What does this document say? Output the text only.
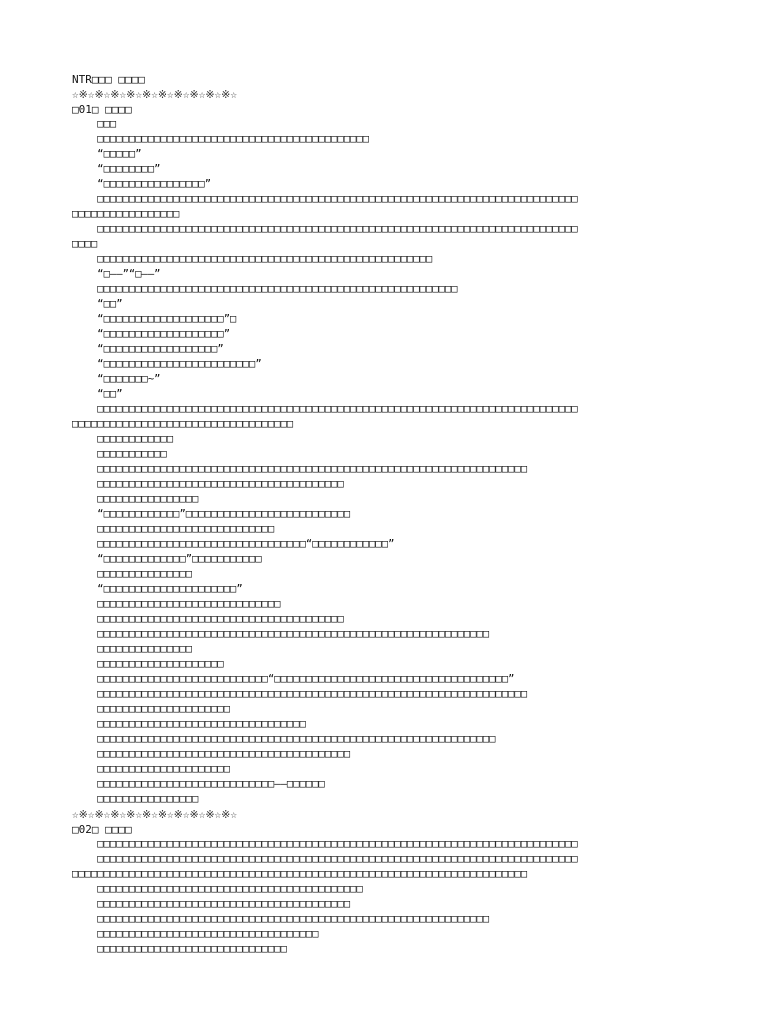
NTR□□□ □□□□
☆※☆※☆※☆※☆※☆※☆※☆※☆※☆※☆
□01□ □□□□
□□□
□□□□□□□□□□□□□□□□□□□□□□□□□□□□□□□□□□□□□□□□□□□
“□□□□□”
“□□□□□□□□”
“□□□□□□□□□□□□□□□□”
□□□□□□□□□□□□□□□□□□□□□□□□□□□□□□□□□□□□□□□□□□□□□□□□□□□□□□□□□□□□□□□□□□□□□□□□□□□□
□□□□□□□□□□□□□□□□□
□□□□□□□□□□□□□□□□□□□□□□□□□□□□□□□□□□□□□□□□□□□□□□□□□□□□□□□□□□□□□□□□□□□□□□□□□□□□
□□□□
□□□□□□□□□□□□□□□□□□□□□□□□□□□□□□□□□□□□□□□□□□□□□□□□□□□□□
“□——”“□——”
□□□□□□□□□□□□□□□□□□□□□□□□□□□□□□□□□□□□□□□□□□□□□□□□□□□□□□□□□
“□□”
“□□□□□□□□□□□□□□□□□□□”□
“□□□□□□□□□□□□□□□□□□□”
“□□□□□□□□□□□□□□□□□□”
“□□□□□□□□□□□□□□□□□□□□□□□□”
“□□□□□□□~”
“□□”
□□□□□□□□□□□□□□□□□□□□□□□□□□□□□□□□□□□□□□□□□□□□□□□□□□□□□□□□□□□□□□□□□□□□□□□□□□□□
□□□□□□□□□□□□□□□□□□□□□□□□□□□□□□□□□□□
□□□□□□□□□□□□
□□□□□□□□□□□
□□□□□□□□□□□□□□□□□□□□□□□□□□□□□□□□□□□□□□□□□□□□□□□□□□□□□□□□□□□□□□□□□□□□
□□□□□□□□□□□□□□□□□□□□□□□□□□□□□□□□□□□□□□□
□□□□□□□□□□□□□□□□
“□□□□□□□□□□□□”□□□□□□□□□□□□□□□□□□□□□□□□□□
□□□□□□□□□□□□□□□□□□□□□□□□□□□□
□□□□□□□□□□□□□□□□□□□□□□□□□□□□□□□□□“□□□□□□□□□□□□”
“□□□□□□□□□□□□□”□□□□□□□□□□□
□□□□□□□□□□□□□□□
“□□□□□□□□□□□□□□□□□□□□□”
□□□□□□□□□□□□□□□□□□□□□□□□□□□□□
□□□□□□□□□□□□□□□□□□□□□□□□□□□□□□□□□□□□□□□
□□□□□□□□□□□□□□□□□□□□□□□□□□□□□□□□□□□□□□□□□□□□□□□□□□□□□□□□□□□□□□
□□□□□□□□□□□□□□□
□□□□□□□□□□□□□□□□□□□□
□□□□□□□□□□□□□□□□□□□□□□□□□□□“□□□□□□□□□□□□□□□□□□□□□□□□□□□□□□□□□□□□□”
□□□□□□□□□□□□□□□□□□□□□□□□□□□□□□□□□□□□□□□□□□□□□□□□□□□□□□□□□□□□□□□□□□□□
□□□□□□□□□□□□□□□□□□□□□
□□□□□□□□□□□□□□□□□□□□□□□□□□□□□□□□□
□□□□□□□□□□□□□□□□□□□□□□□□□□□□□□□□□□□□□□□□□□□□□□□□□□□□□□□□□□□□□□□
□□□□□□□□□□□□□□□□□□□□□□□□□□□□□□□□□□□□□□□□
□□□□□□□□□□□□□□□□□□□□□
□□□□□□□□□□□□□□□□□□□□□□□□□□□□——□□□□□□
□□□□□□□□□□□□□□□□
☆※☆※☆※☆※☆※☆※☆※☆※☆※☆※☆
□02□ □□□□
□□□□□□□□□□□□□□□□□□□□□□□□□□□□□□□□□□□□□□□□□□□□□□□□□□□□□□□□□□□□□□□□□□□□□□□□□□□□
□□□□□□□□□□□□□□□□□□□□□□□□□□□□□□□□□□□□□□□□□□□□□□□□□□□□□□□□□□□□□□□□□□□□□□□□□□□□
□□□□□□□□□□□□□□□□□□□□□□□□□□□□□□□□□□□□□□□□□□□□□□□□□□□□□□□□□□□□□□□□□□□□□□□□
□□□□□□□□□□□□□□□□□□□□□□□□□□□□□□□□□□□□□□□□□□
□□□□□□□□□□□□□□□□□□□□□□□□□□□□□□□□□□□□□□□□
□□□□□□□□□□□□□□□□□□□□□□□□□□□□□□□□□□□□□□□□□□□□□□□□□□□□□□□□□□□□□□
□□□□□□□□□□□□□□□□□□□□□□□□□□□□□□□□□□□
□□□□□□□□□□□□□□□□□□□□□□□□□□□□□□
